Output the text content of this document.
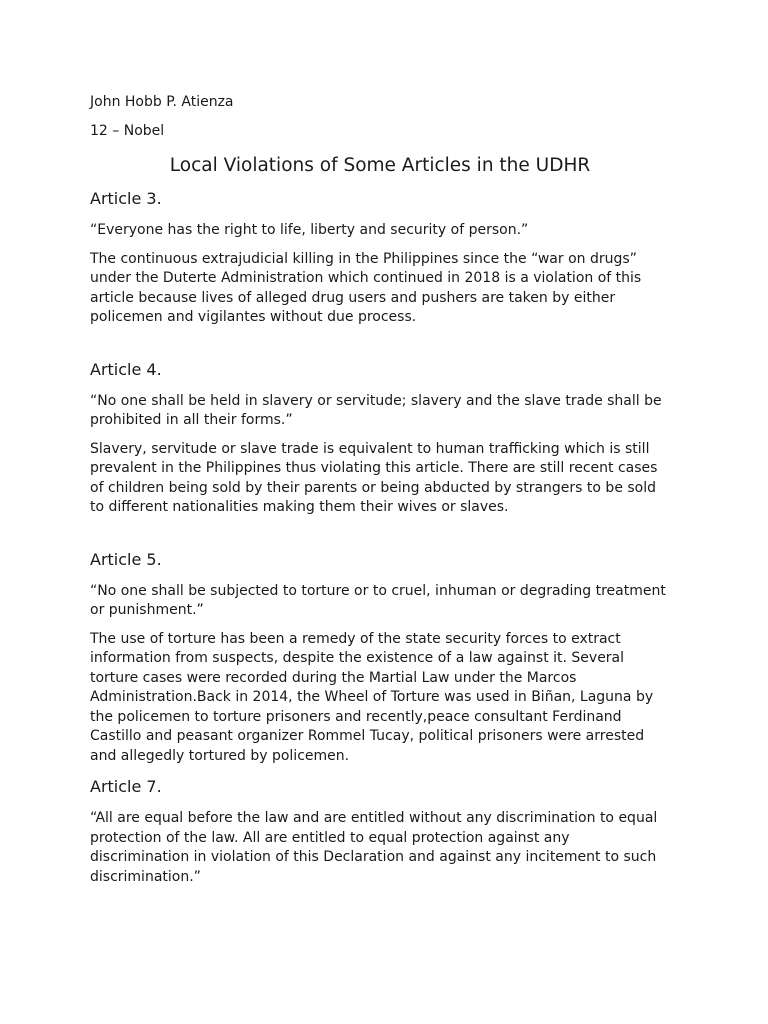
John Hobb P. Atienza

12 – Nobel

Local Violations of Some Articles in the UDHR
Article 3.

“Everyone has the right to life, liberty and security of person.”

The continuous extrajudicial killing in the Philippines since the “war on drugs” under the Duterte Administration which continued in 2018 is a violation of this article because lives of alleged drug users and pushers are taken by either policemen and vigilantes without due process.

Article 4.

“No one shall be held in slavery or servitude; slavery and the slave trade shall be prohibited in all their forms.”

Slavery, servitude or slave trade is equivalent to human trafficking which is still prevalent in the Philippines thus violating this article. There are still recent cases of children being sold by their parents or being abducted by strangers to be sold to different nationalities making them their wives or slaves.

Article 5.

“No one shall be subjected to torture or to cruel, inhuman or degrading treatment or punishment.”

The use of torture has been a remedy of the state security forces to extract information from suspects, despite the existence of a law against it. Several torture cases were recorded during the Martial Law under the Marcos Administration.Back in 2014, the Wheel of Torture was used in Biñan, Laguna by the policemen to torture prisoners and recently,peace consultant Ferdinand Castillo and peasant organizer Rommel Tucay, political prisoners were arrested and allegedly tortured by policemen.

Article 7.

“All are equal before the law and are entitled without any discrimination to equal protection of the law. All are entitled to equal protection against any discrimination in violation of this Declaration and against any incitement to such discrimination.”
